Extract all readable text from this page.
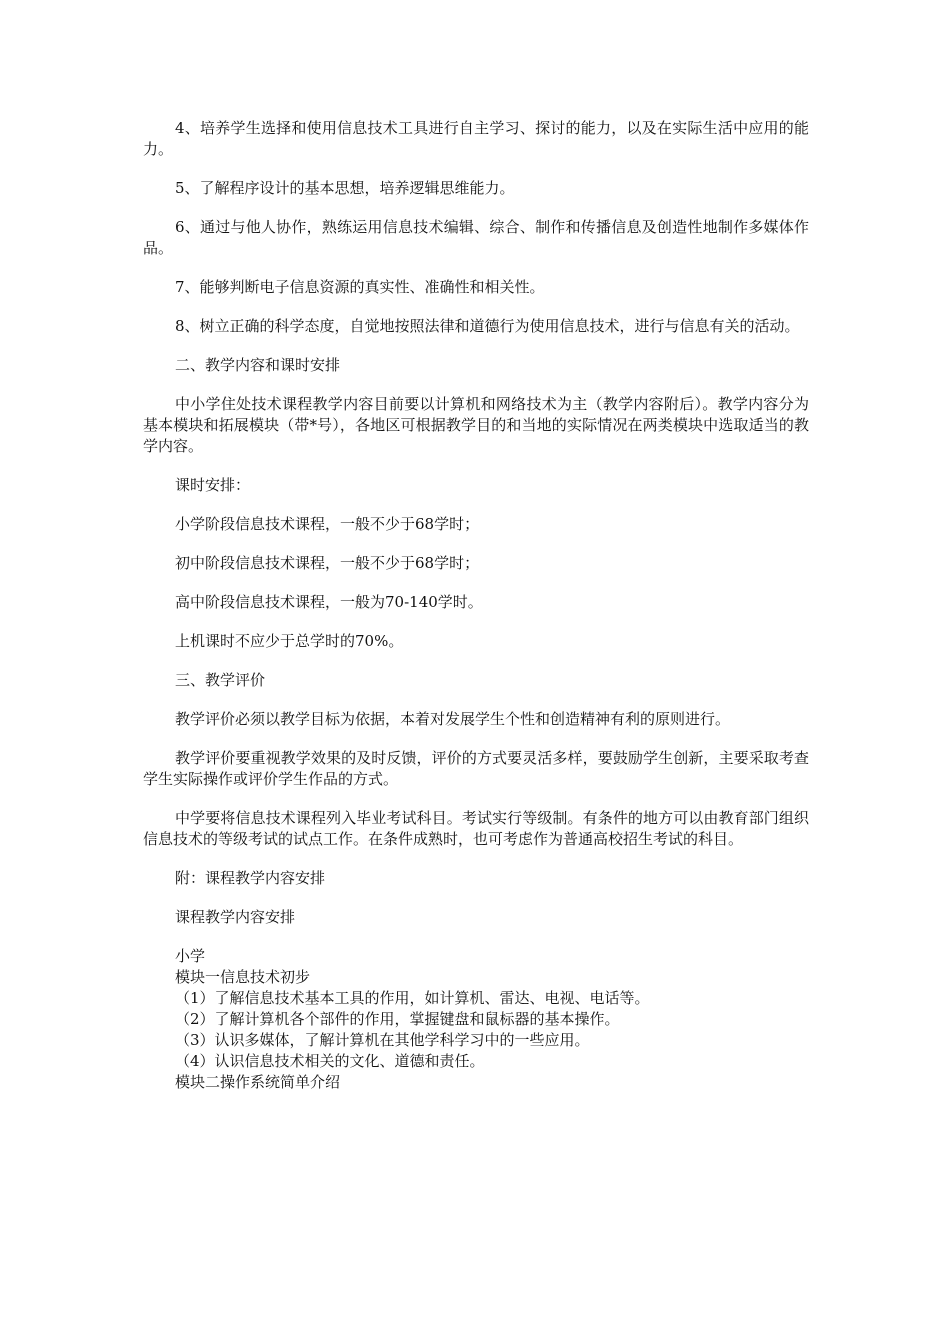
4、培养学生选择和使用信息技术工具进行自主学习、探讨的能力，以及在实际生活中应用的能力。

5、了解程序设计的基本思想，培养逻辑思维能力。

6、通过与他人协作，熟练运用信息技术编辑、综合、制作和传播信息及创造性地制作多媒体作品。

7、能够判断电子信息资源的真实性、准确性和相关性。

8、树立正确的科学态度，自觉地按照法律和道德行为使用信息技术，进行与信息有关的活动。

二、教学内容和课时安排

中小学住处技术课程教学内容目前要以计算机和网络技术为主（教学内容附后）。教学内容分为基本模块和拓展模块（带*号），各地区可根据教学目的和当地的实际情况在两类模块中选取适当的教学内容。

课时安排：

小学阶段信息技术课程，一般不少于68学时；

初中阶段信息技术课程，一般不少于68学时；

高中阶段信息技术课程，一般为70-140学时。

上机课时不应少于总学时的70%。

三、教学评价

教学评价必须以教学目标为依据，本着对发展学生个性和创造精神有利的原则进行。

教学评价要重视教学效果的及时反馈，评价的方式要灵活多样，要鼓励学生创新，主要采取考查学生实际操作或评价学生作品的方式。

中学要将信息技术课程列入毕业考试科目。考试实行等级制。有条件的地方可以由教育部门组织信息技术的等级考试的试点工作。在条件成熟时，也可考虑作为普通高校招生考试的科目。

附：课程教学内容安排

课程教学内容安排

小学

模块一信息技术初步

（1）了解信息技术基本工具的作用，如计算机、雷达、电视、电话等。

（2）了解计算机各个部件的作用，掌握键盘和鼠标器的基本操作。

（3）认识多媒体，了解计算机在其他学科学习中的一些应用。

（4）认识信息技术相关的文化、道德和责任。

模块二操作系统简单介绍
